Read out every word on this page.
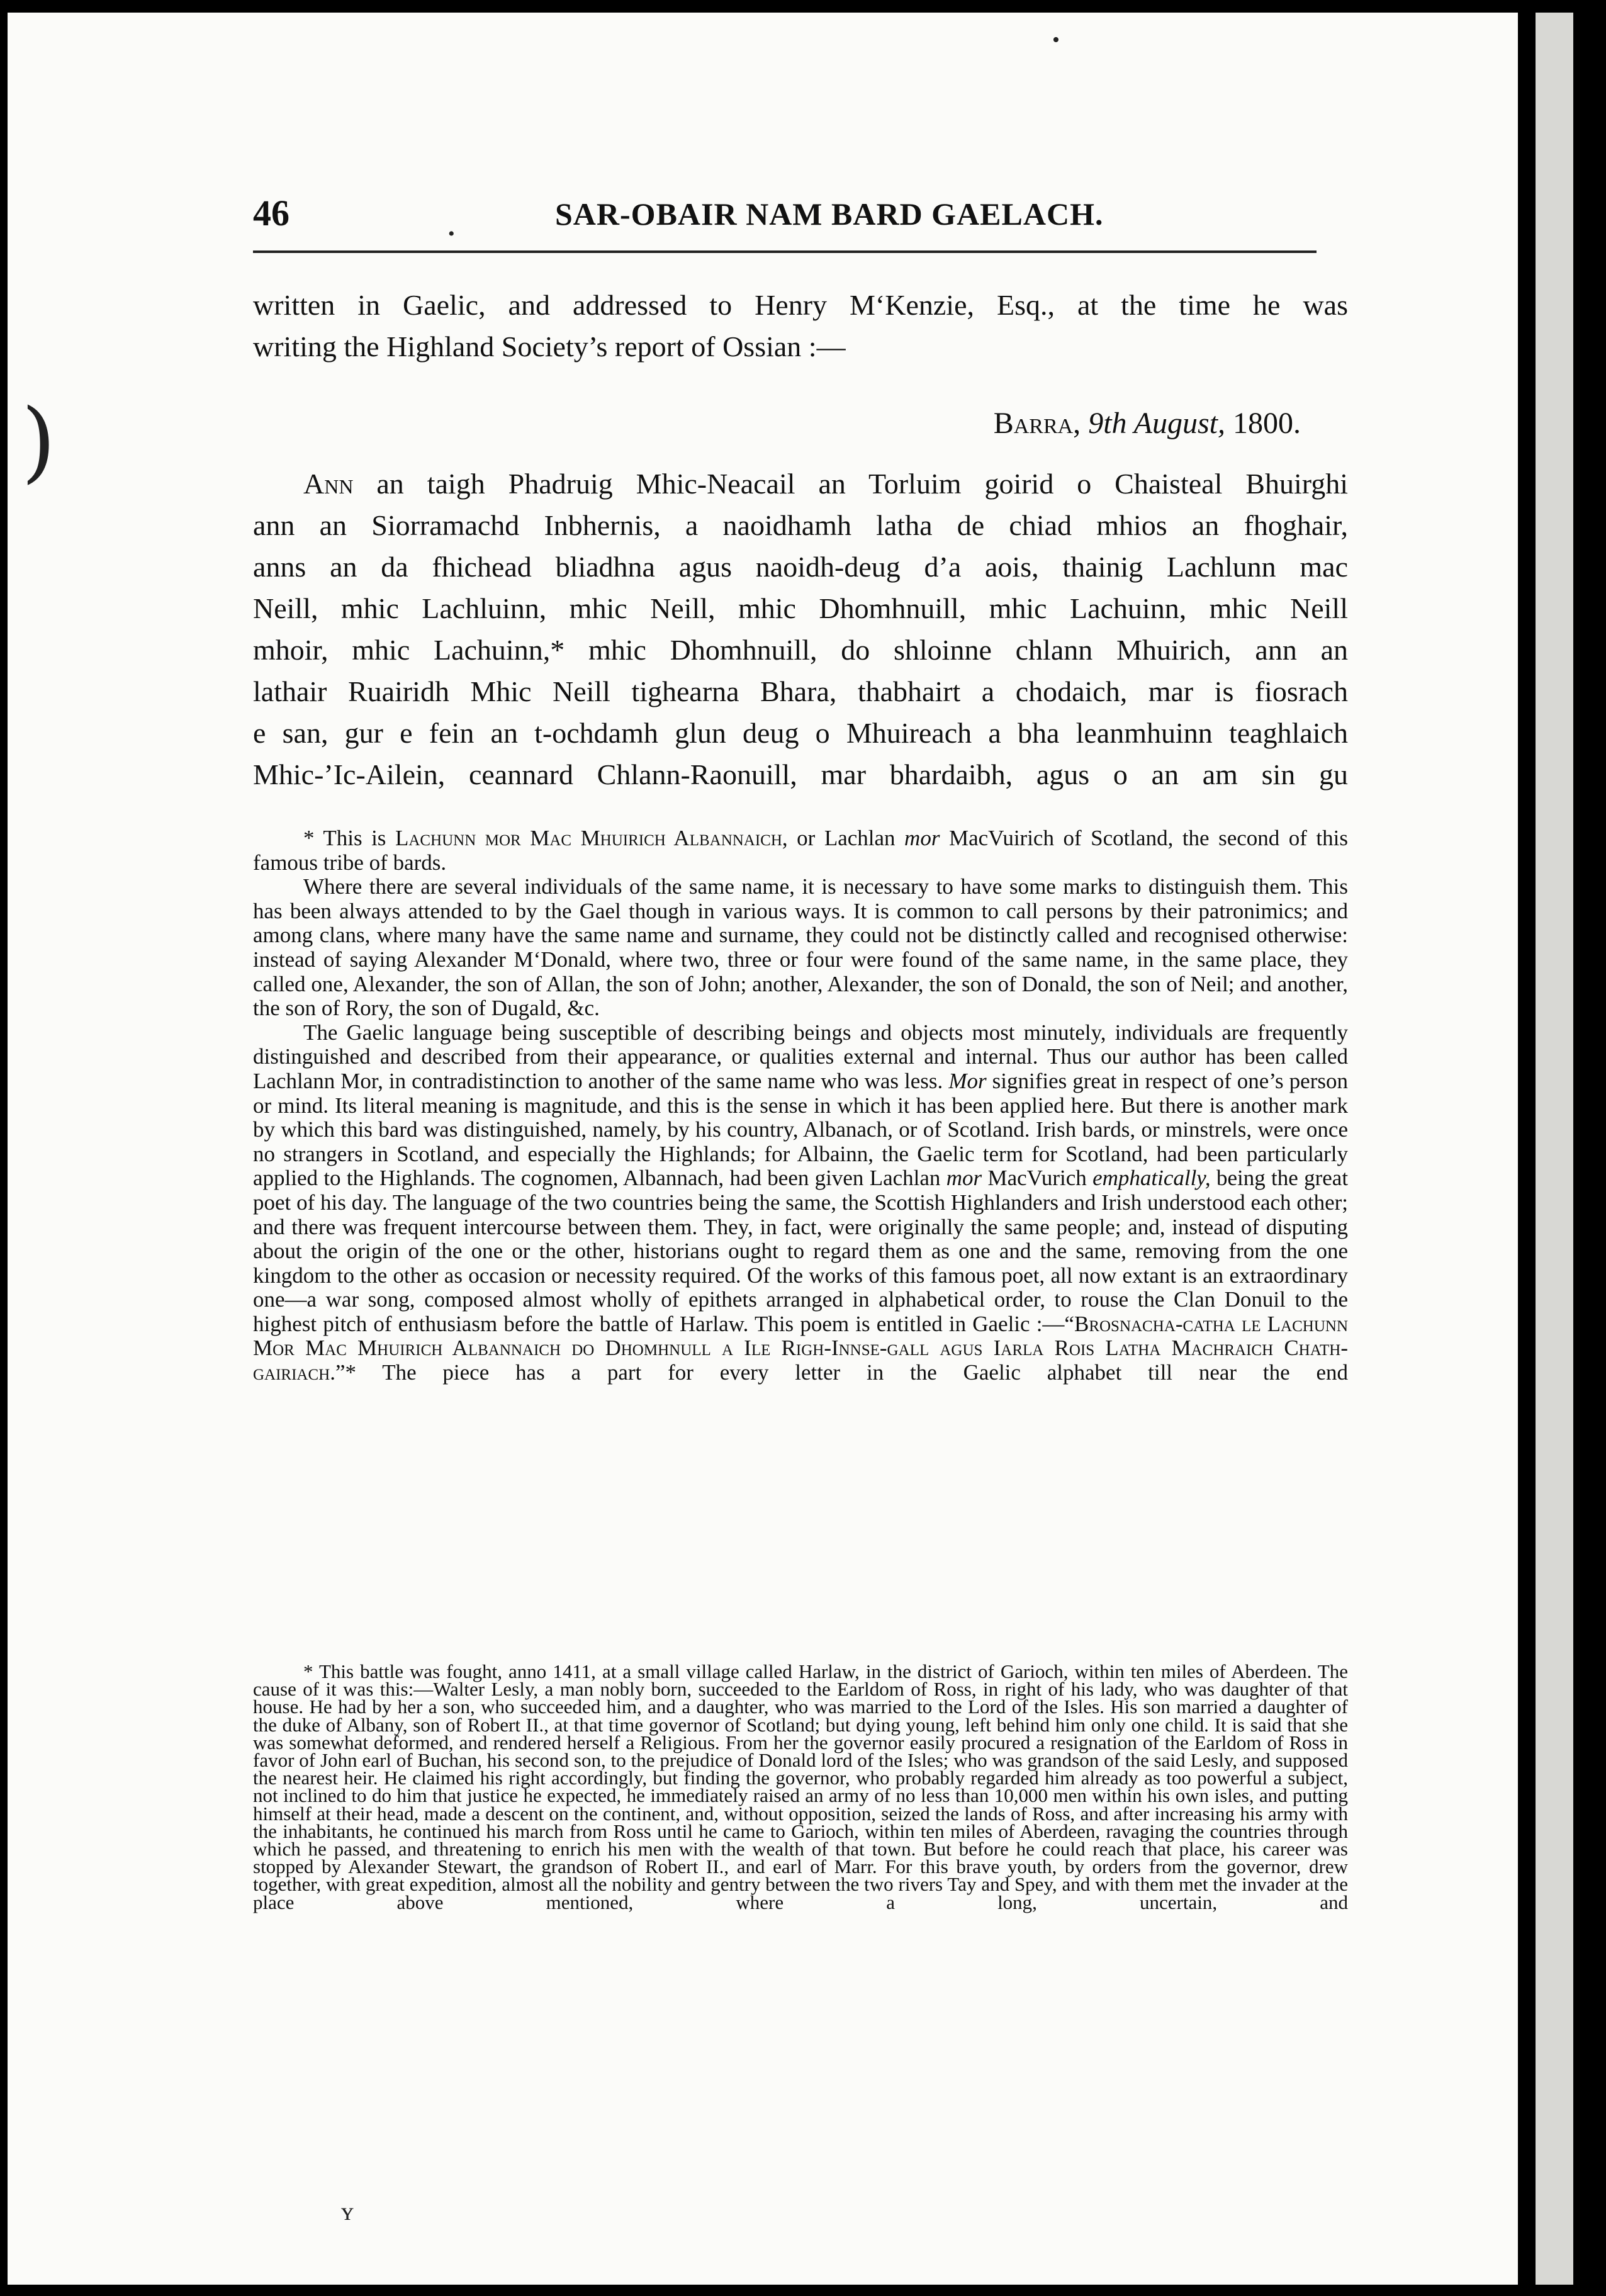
)
•
•
46	SAR-OBAIR NAM BARD GAELACH.

written in Gaelic, and addressed to Henry M‘Kenzie, Esq., at the time he was

writing the Highland Society’s report of Ossian :—

Barra, 9th August, 1800.

Ann an taigh Phadruig Mhic-Neacail an Torluim goirid o Chaisteal Bhuirghi

ann an Siorramachd Inbhernis, a naoidhamh latha de chiad mhios an fhoghair,

anns an da fhichead bliadhna agus naoidh-deug d’a aois, thainig Lachlunn mac

Neill, mhic Lachluinn, mhic Neill, mhic Dhomhnuill, mhic Lachuinn, mhic Neill

mhoir, mhic Lachuinn,* mhic Dhomhnuill, do shloinne chlann Mhuirich, ann an

lathair Ruairidh Mhic Neill tighearna Bhara, thabhairt a chodaich, mar is fiosrach

e san, gur e fein an t-ochdamh glun deug o Mhuireach a bha leanmhuinn teaghlaich

Mhic-’Ic-Ailein, ceannard Chlann-Raonuill, mar bhardaibh, agus o an am sin gu

* This is Lachunn mor Mac Mhuirich Albannaich, or Lachlan mor MacVuirich of Scotland, the second of this famous tribe of bards.

Where there are several individuals of the same name, it is necessary to have some marks to distinguish them. This has been always attended to by the Gael though in various ways. It is common to call persons by their patronimics; and among clans, where many have the same name and surname, they could not be distinctly called and recognised otherwise: instead of saying Alexander M‘Donald, where two, three or four were found of the same name, in the same place, they called one, Alexander, the son of Allan, the son of John; another, Alexander, the son of Donald, the son of Neil; and another, the son of Rory, the son of Dugald, &c.

The Gaelic language being susceptible of describing beings and objects most minutely, individuals are frequently distinguished and described from their appearance, or qualities external and internal. Thus our author has been called Lachlann Mor, in contradistinction to another of the same name who was less. Mor signifies great in respect of one’s person or mind. Its literal meaning is magnitude, and this is the sense in which it has been applied here. But there is another mark by which this bard was distinguished, namely, by his country, Albanach, or of Scotland. Irish bards, or minstrels, were once no strangers in Scotland, and especially the Highlands; for Albainn, the Gaelic term for Scotland, had been particularly applied to the Highlands. The cognomen, Albannach, had been given Lachlan mor MacVurich emphatically, being the great poet of his day. The language of the two countries being the same, the Scottish Highlanders and Irish understood each other; and there was frequent intercourse between them. They, in fact, were originally the same people; and, instead of disputing about the origin of the one or the other, historians ought to regard them as one and the same, removing from the one kingdom to the other as occasion or necessity required. Of the works of this famous poet, all now extant is an extraordinary one—a war song, composed almost wholly of epithets arranged in alphabetical order, to rouse the Clan Donuil to the highest pitch of enthusiasm before the battle of Harlaw. This poem is entitled in Gaelic :—“Brosnacha-catha le Lachunn Mor Mac Mhuirich Albannaich do Dhomhnull a Ile Righ-Innse-gall agus Iarla Rois Latha Machraich Chath-gairiach.”* The piece has a part for every letter in the Gaelic alphabet till near the end

* This battle was fought, anno 1411, at a small village called Harlaw, in the district of Garioch, within ten miles of Aberdeen. The cause of it was this:—Walter Lesly, a man nobly born, succeeded to the Earldom of Ross, in right of his lady, who was daughter of that house. He had by her a son, who succeeded him, and a daughter, who was married to the Lord of the Isles. His son married a daughter of the duke of Albany, son of Robert II., at that time governor of Scotland; but dying young, left behind him only one child. It is said that she was somewhat deformed, and rendered herself a Religious. From her the governor easily procured a resignation of the Earldom of Ross in favor of John earl of Buchan, his second son, to the prejudice of Donald lord of the Isles; who was grandson of the said Lesly, and supposed the nearest heir. He claimed his right accordingly, but finding the governor, who probably regarded him already as too powerful a subject, not inclined to do him that justice he expected, he immediately raised an army of no less than 10,000 men within his own isles, and putting himself at their head, made a descent on the continent, and, without opposition, seized the lands of Ross, and after increasing his army with the inhabitants, he continued his march from Ross until he came to Garioch, within ten miles of Aberdeen, ravaging the countries through which he passed, and threatening to enrich his men with the wealth of that town. But before he could reach that place, his career was stopped by Alexander Stewart, the grandson of Robert II., and earl of Marr. For this brave youth, by orders from the governor, drew together, with great expedition, almost all the nobility and gentry between the two rivers Tay and Spey, and with them met the invader at the place above mentioned, where a long, uncertain, and

ʏ
